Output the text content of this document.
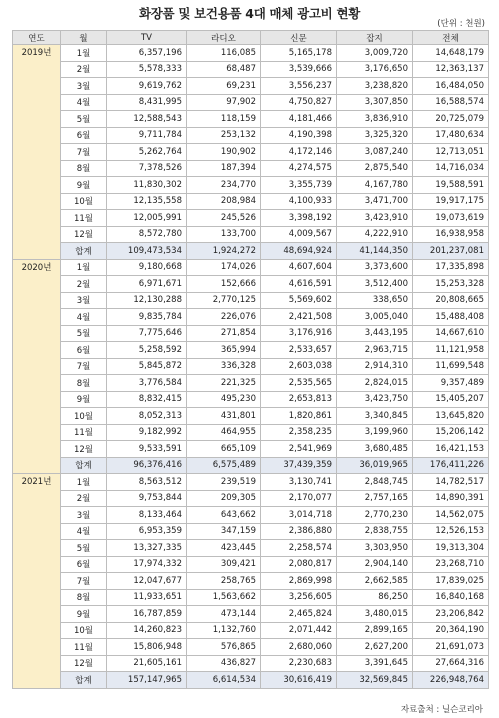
화장품 및 보건용품 4대 매체 광고비 현황
(단위 : 천원)
연도	월	TV	라디오	신문	잡지	전체
2019년	1월	6,357,196	116,085	5,165,178	3,009,720	14,648,179
	2월	5,578,333	68,487	3,539,666	3,176,650	12,363,137
	3월	9,619,762	69,231	3,556,237	3,238,820	16,484,050
	4월	8,431,995	97,902	4,750,827	3,307,850	16,588,574
	5월	12,588,543	118,159	4,181,466	3,836,910	20,725,079
	6월	9,711,784	253,132	4,190,398	3,325,320	17,480,634
	7월	5,262,764	190,902	4,172,146	3,087,240	12,713,051
	8월	7,378,526	187,394	4,274,575	2,875,540	14,716,034
	9월	11,830,302	234,770	3,355,739	4,167,780	19,588,591
	10월	12,135,558	208,984	4,100,933	3,471,700	19,917,175
	11월	12,005,991	245,526	3,398,192	3,423,910	19,073,619
	12월	8,572,780	133,700	4,009,567	4,222,910	16,938,958
	합계	109,473,534	1,924,272	48,694,924	41,144,350	201,237,081
2020년	1월	9,180,668	174,026	4,607,604	3,373,600	17,335,898
	2월	6,971,671	152,666	4,616,591	3,512,400	15,253,328
	3월	12,130,288	2,770,125	5,569,602	338,650	20,808,665
	4월	9,835,784	226,076	2,421,508	3,005,040	15,488,408
	5월	7,775,646	271,854	3,176,916	3,443,195	14,667,610
	6월	5,258,592	365,994	2,533,657	2,963,715	11,121,958
	7월	5,845,872	336,328	2,603,038	2,914,310	11,699,548
	8월	3,776,584	221,325	2,535,565	2,824,015	9,357,489
	9월	8,832,415	495,230	2,653,813	3,423,750	15,405,207
	10월	8,052,313	431,801	1,820,861	3,340,845	13,645,820
	11월	9,182,992	464,955	2,358,235	3,199,960	15,206,142
	12월	9,533,591	665,109	2,541,969	3,680,485	16,421,153
	합계	96,376,416	6,575,489	37,439,359	36,019,965	176,411,226
2021년	1월	8,563,512	239,519	3,130,741	2,848,745	14,782,517
	2월	9,753,844	209,305	2,170,077	2,757,165	14,890,391
	3월	8,133,464	643,662	3,014,718	2,770,230	14,562,075
	4월	6,953,359	347,159	2,386,880	2,838,755	12,526,153
	5월	13,327,335	423,445	2,258,574	3,303,950	19,313,304
	6월	17,974,332	309,421	2,080,817	2,904,140	23,268,710
	7월	12,047,677	258,765	2,869,998	2,662,585	17,839,025
	8월	11,933,651	1,563,662	3,256,605	86,250	16,840,168
	9월	16,787,859	473,144	2,465,824	3,480,015	23,206,842
	10월	14,260,823	1,132,760	2,071,442	2,899,165	20,364,190
	11월	15,806,948	576,865	2,680,060	2,627,200	21,691,073
	12월	21,605,161	436,827	2,230,683	3,391,645	27,664,316
	합계	157,147,965	6,614,534	30,616,419	32,569,845	226,948,764
자료출처 : 닐슨코리아
